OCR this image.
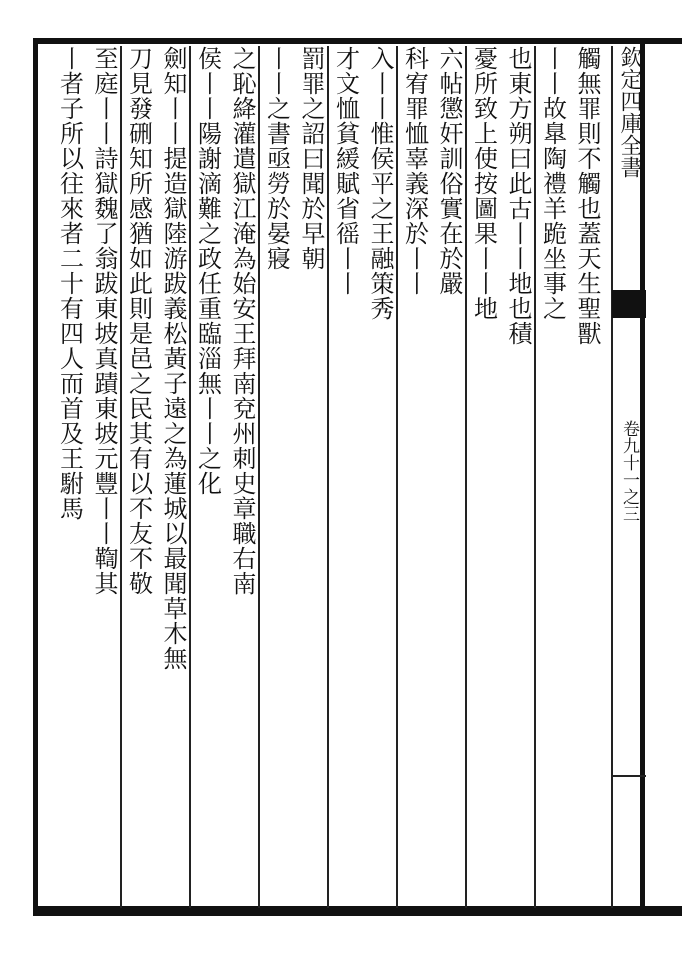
欽定四庫全書
卷九十一之三
觸無罪則不觸也蓋天生聖獸
丨丨故臯陶禮羊跪坐事之
也東方朔曰此古丨丨地也積
憂所致上使按圖果丨丨地
六帖懲奸訓俗實在於嚴
科宥罪恤辜義深於丨丨
入丨丨惟侯平之王融策秀
才文恤貧緩賦省徭丨丨
罰罪之詔曰聞於早朝
丨丨之書亟勞於晏寢
之恥絳灌遣獄江淹為始安王拜南兗州刺史章職右南
侯丨丨陽謝滴難之政任重臨淄無丨丨之化
劍知丨丨提造獄陸游跋義松黃子遠之為蓮城以最聞草木無
刀見發硎知所感猶如此則是邑之民其有以不友不敬
至庭丨丨詩獄魏了翁跋東坡真蹟東坡元豐丨丨鞫其
丨者子所以往來者二十有四人而首及王駙馬
